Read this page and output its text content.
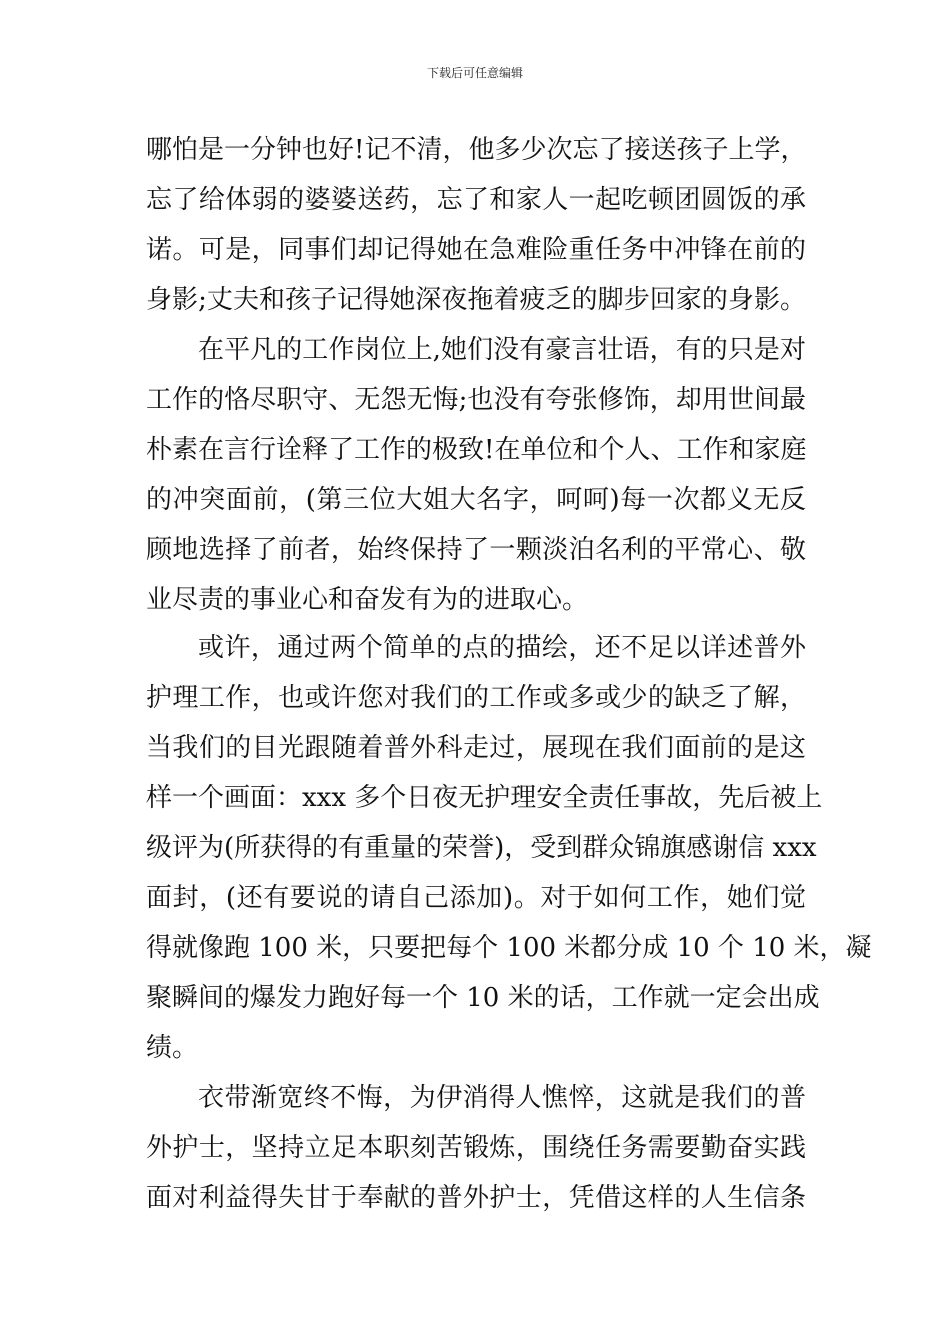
下载后可任意编辑
哪怕是一分钟也好!记不清，他多少次忘了接送孩子上学，
忘了给体弱的婆婆送药，忘了和家人一起吃顿团圆饭的承
诺。可是，同事们却记得她在急难险重任务中冲锋在前的
身影;丈夫和孩子记得她深夜拖着疲乏的脚步回家的身影。
在平凡的工作岗位上,她们没有豪言壮语，有的只是对
工作的恪尽职守、无怨无悔;也没有夸张修饰，却用世间最
朴素在言行诠释了工作的极致!在单位和个人、工作和家庭
的冲突面前，(第三位大姐大名字，呵呵)每一次都义无反
顾地选择了前者，始终保持了一颗淡泊名利的平常心、敬
业尽责的事业心和奋发有为的进取心。
或许，通过两个简单的点的描绘，还不足以详述普外
护理工作，也或许您对我们的工作或多或少的缺乏了解，
当我们的目光跟随着普外科走过，展现在我们面前的是这
样一个画面：xxx 多个日夜无护理安全责任事故，先后被上
级评为(所获得的有重量的荣誉)，受到群众锦旗感谢信 xxx
面封，(还有要说的请自己添加)。对于如何工作，她们觉
得就像跑 100 米，只要把每个 100 米都分成 10 个 10 米，凝
聚瞬间的爆发力跑好每一个 10 米的话，工作就一定会出成
绩。
衣带渐宽终不悔，为伊消得人憔悴，这就是我们的普
外护士，坚持立足本职刻苦锻炼，围绕任务需要勤奋实践
面对利益得失甘于奉献的普外护士，凭借这样的人生信条
